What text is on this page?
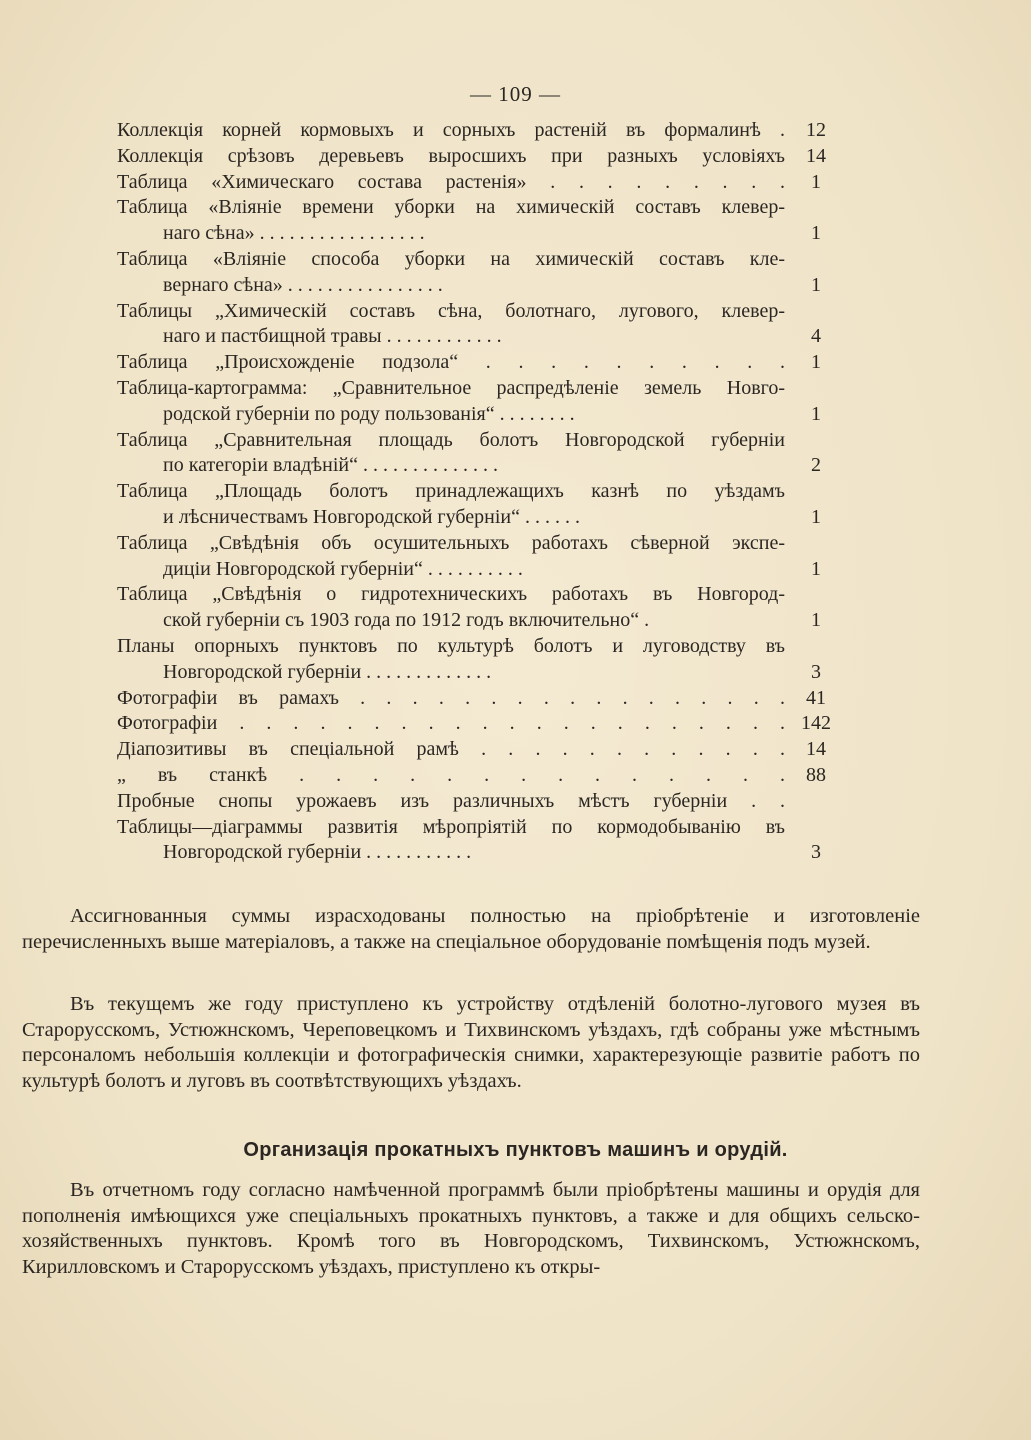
— 109 —
Коллекція корней кормовыхъ и сорныхъ растеній въ формалинѣ .	12
Коллекція срѣзовъ деревьевъ выросшихъ при разныхъ условіяхъ	14
Таблица «Химическаго состава растенія» . . . . . . . . .	1
Таблица «Вліяніе времени уборки на химическій составъ клевер-
наго сѣна» . . . . . . . . . . . . . . . . .	1
Таблица «Вліяніе способа уборки на химическій составъ кле-
вернаго сѣна» . . . . . . . . . . . . . . . .	1
Таблицы „Химическій составъ сѣна, болотнаго, лугового, клевер-
наго и пастбищной травы . . . . . . . . . . . .	4
Таблица „Происхожденіе подзола“ . . . . . . . . . .	1
Таблица-картограмма: „Сравнительное распредѣленіе земель Новго-
родской губерніи по роду пользованія“ . . . . . . . .	1
Таблица „Сравнительная площадь болотъ Новгородской губерніи
по категоріи владѣній“ . . . . . . . . . . . . . .	2
Таблица „Площадь болотъ принадлежащихъ казнѣ по уѣздамъ
и лѣсничествамъ Новгородской губерніи“ . . . . . .	1
Таблица „Свѣдѣнія объ осушительныхъ работахъ сѣверной экспе-
диціи Новгородской губерніи“ . . . . . . . . . .	1
Таблица „Свѣдѣнія о гидротехническихъ работахъ въ Новгород-
ской губерніи съ 1903 года по 1912 годъ включительно“ .	1
Планы опорныхъ пунктовъ по культурѣ болотъ и луговодству въ
Новгородской губерніи . . . . . . . . . . . . .	3
Фотографіи въ рамахъ . . . . . . . . . . . . . . . . .	41
Фотографіи . . . . . . . . . . . . . . . . . . . . . 142
Діапозитивы въ спеціальной рамѣ . . . . . . . . . . . .	14
„ въ станкѣ . . . . . . . . . . . . . .	88
Пробные снопы урожаевъ изъ различныхъ мѣстъ губерніи . .
Таблицы—діаграммы развитія мѣропріятій по кормодобыванію въ
Новгородской губерніи . . . . . . . . . . .	3
Ассигнованныя суммы израсходованы полностью на пріобрѣтеніе и изготовленіе перечисленныхъ выше матеріаловъ, а также на спеціальное оборудованіе помѣщенія подъ музей.
Въ текущемъ же году приступлено къ устройству отдѣленій болотно-лугового музея въ Старорусскомъ, Устюжнскомъ, Череповецкомъ и Тихвинскомъ уѣздахъ, гдѣ собраны уже мѣстнымъ персоналомъ небольшія коллекціи и фотографическія снимки, характерезующіе развитіе работъ по культурѣ болотъ и луговъ въ соотвѣтствующихъ уѣздахъ.
Организація прокатныхъ пунктовъ машинъ и орудій.
Въ отчетномъ году согласно намѣченной программѣ были пріобрѣтены машины и орудія для пополненія имѣющихся уже спеціальныхъ прокатныхъ пунктовъ, а также и для общихъ сельско-хозяйственныхъ пунктовъ. Кромѣ того въ Новгородскомъ, Тихвинскомъ, Устюжнскомъ, Кирилловскомъ и Старорусскомъ уѣздахъ, приступлено къ откры-
